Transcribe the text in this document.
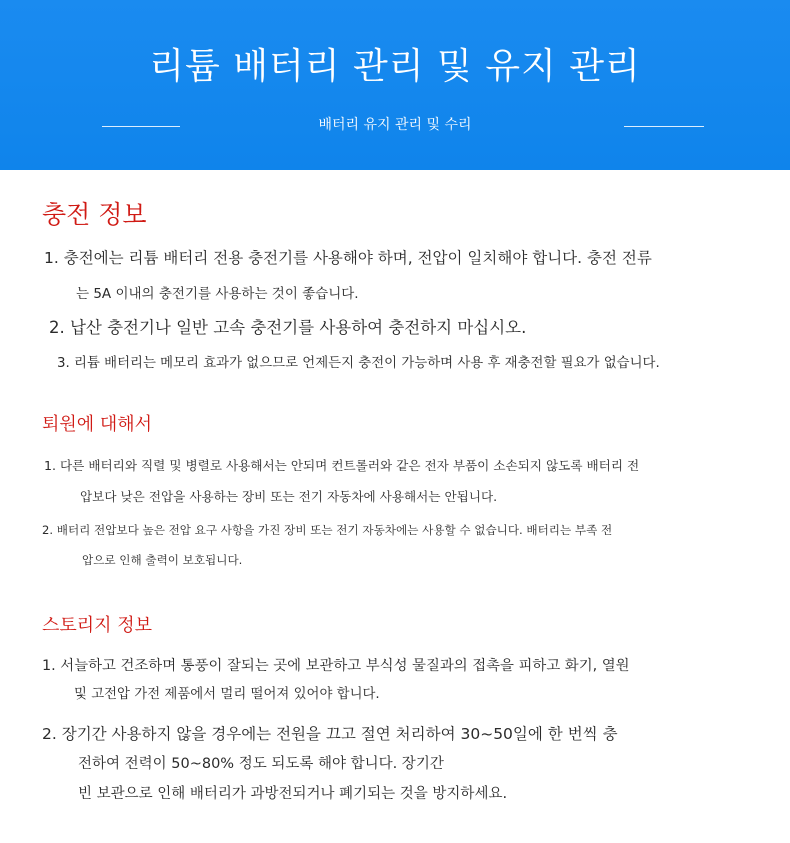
리튬 배터리 관리 및 유지 관리
배터리 유지 관리 및 수리
충전 정보
1. 충전에는 리튬 배터리 전용 충전기를 사용해야 하며, 전압이 일치해야 합니다. 충전 전류
는 5A 이내의 충전기를 사용하는 것이 좋습니다.
2. 납산 충전기나 일반 고속 충전기를 사용하여 충전하지 마십시오.
3. 리튬 배터리는 메모리 효과가 없으므로 언제든지 충전이 가능하며 사용 후 재충전할 필요가 없습니다.
퇴원에 대해서
1. 다른 배터리와 직렬 및 병렬로 사용해서는 안되며 컨트롤러와 같은 전자 부품이 소손되지 않도록 배터리 전
압보다 낮은 전압을 사용하는 장비 또는 전기 자동차에 사용해서는 안됩니다.
2. 배터리 전압보다 높은 전압 요구 사항을 가진 장비 또는 전기 자동차에는 사용할 수 없습니다. 배터리는 부족 전
압으로 인해 출력이 보호됩니다.
스토리지 정보
1. 서늘하고 건조하며 통풍이 잘되는 곳에 보관하고 부식성 물질과의 접촉을 피하고 화기, 열원
및 고전압 가전 제품에서 멀리 떨어져 있어야 합니다.
2. 장기간 사용하지 않을 경우에는 전원을 끄고 절연 처리하여 30~50일에 한 번씩 충
전하여 전력이 50~80% 정도 되도록 해야 합니다. 장기간
빈 보관으로 인해 배터리가 과방전되거나 폐기되는 것을 방지하세요.
